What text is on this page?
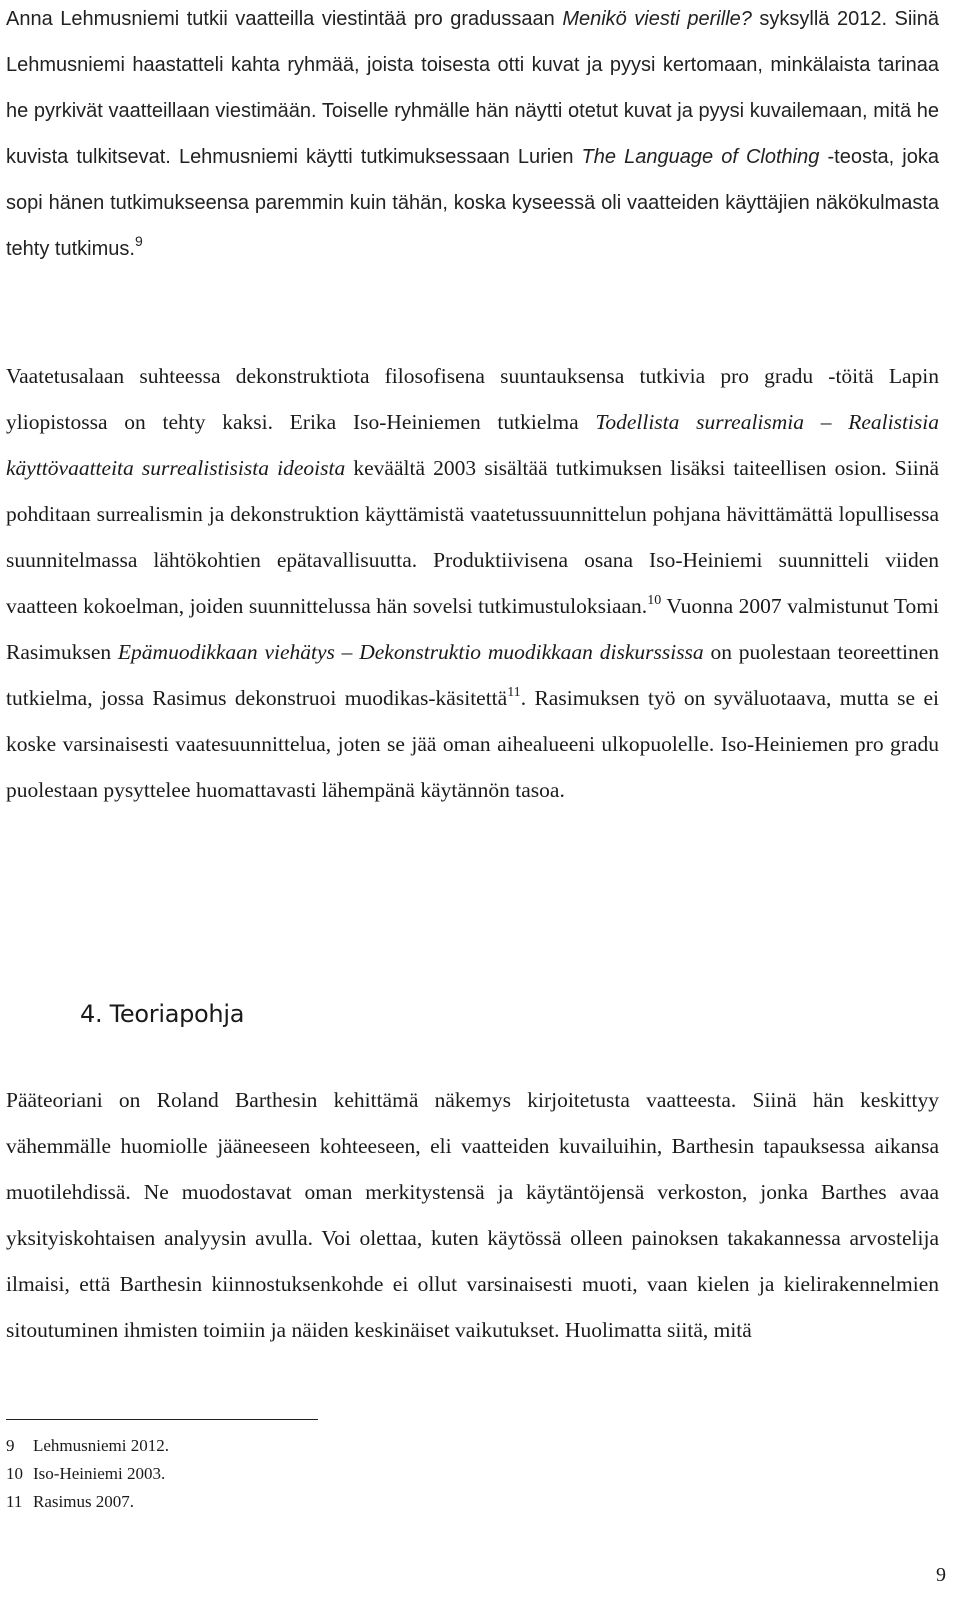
Anna Lehmusniemi tutkii vaatteilla viestintää pro gradussaan Menikö viesti perille? syksyllä 2012. Siinä Lehmusniemi haastatteli kahta ryhmää, joista toisesta otti kuvat ja pyysi kertomaan, minkälaista tarinaa he pyrkivät vaatteillaan viestimään. Toiselle ryhmälle hän näytti otetut kuvat ja pyysi kuvailemaan, mitä he kuvista tulkitsevat. Lehmusniemi käytti tutkimuksessaan Lurien The Language of Clothing -teosta, joka sopi hänen tutkimukseensa paremmin kuin tähän, koska kyseessä oli vaatteiden käyttäjien näkökulmasta tehty tutkimus.$^9$

Vaatetusalaan suhteessa dekonstruktiota filosofisena suuntauksensa tutkivia pro gradu -töitä Lapin yliopistossa on tehty kaksi. Erika Iso-Heiniemen tutkielma Todellista surrealismia – Realistisia käyttövaatteita surrealistisista ideoista keväältä 2003 sisältää tutkimuksen lisäksi taiteellisen osion. Siinä pohditaan surrealismin ja dekonstruktion käyttämistä vaatetussuunnittelun pohjana hävittämättä lopullisessa suunnitelmassa lähtökohtien epätavallisuutta. Produktiivisena osana Iso-Heiniemi suunnitteli viiden vaatteen kokoelman, joiden suunnittelussa hän sovelsi tutkimustuloksiaan.$^{10}$ Vuonna 2007 valmistunut Tomi Rasimuksen Epämuodikkaan viehätys – Dekonstruktio muodikkaan diskurssissa on puolestaan teoreettinen tutkielma, jossa Rasimus dekonstruoi muodikas-käsitettä$^{11}$. Rasimuksen työ on syväluotaava, mutta se ei koske varsinaisesti vaatesuunnittelua, joten se jää oman aihealueeni ulkopuolelle. Iso-Heiniemen pro gradu puolestaan pysyttelee huomattavasti lähempänä käytännön tasoa.

4. Teoriapohja

Pääteoriani on Roland Barthesin kehittämä näkemys kirjoitetusta vaatteesta. Siinä hän keskittyy vähemmälle huomiolle jääneeseen kohteeseen, eli vaatteiden kuvailuihin, Barthesin tapauksessa aikansa muotilehdissä. Ne muodostavat oman merkitystensä ja käytäntöjensä verkoston, jonka Barthes avaa yksityiskohtaisen analyysin avulla. Voi olettaa, kuten käytössä olleen painoksen takakannessa arvostelija ilmaisi, että Barthesin kiinnostuksenkohde ei ollut varsinaisesti muoti, vaan kielen ja kielirakennelmien sitoutuminen ihmisten toimiin ja näiden keskinäiset vaikutukset. Huolimatta siitä, mitä

9	Lehmusniemi 2012.
10 Iso-Heiniemi 2003.
11 Rasimus 2007.
9
